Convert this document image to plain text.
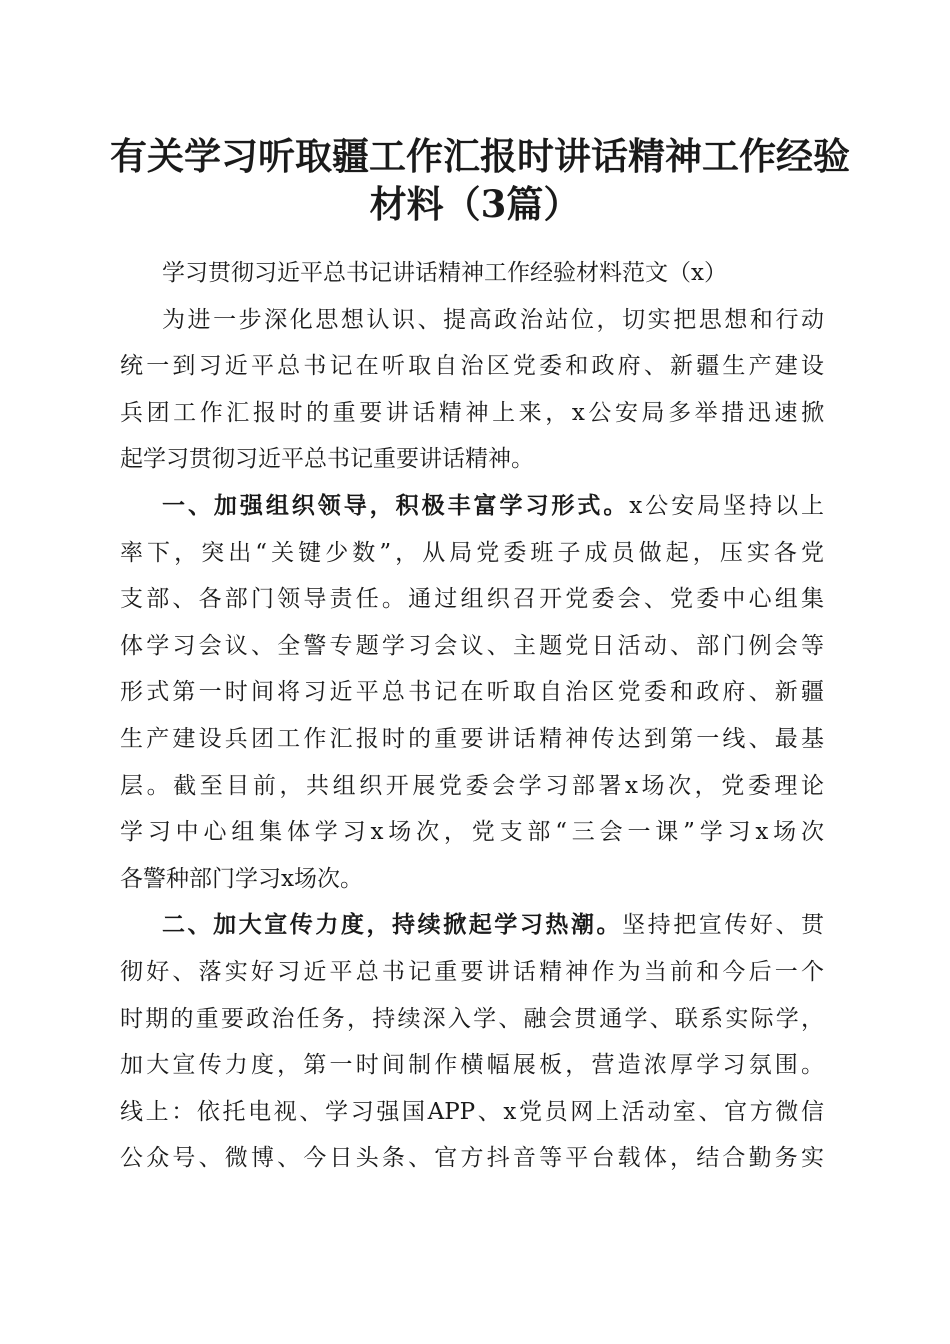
有关学习听取疆工作汇报时讲话精神工作经验
材料（3篇）
学习贯彻习近平总书记讲话精神工作经验材料范文（x）
为进一步深化思想认识、提高政治站位，切实把思想和行动
统一到习近平总书记在听取自治区党委和政府、新疆生产建设
兵团工作汇报时的重要讲话精神上来，x公安局多举措迅速掀
起学习贯彻习近平总书记重要讲话精神。
一、加强组织领导，积极丰富学习形式。x公安局坚持以上
率下，突出“关键少数”，从局党委班子成员做起，压实各党
支部、各部门领导责任。通过组织召开党委会、党委中心组集
体学习会议、全警专题学习会议、主题党日活动、部门例会等
形式第一时间将习近平总书记在听取自治区党委和政府、新疆
生产建设兵团工作汇报时的重要讲话精神传达到第一线、最基
层。截至目前，共组织开展党委会学习部署x场次，党委理论
学习中心组集体学习x场次，党支部“三会一课”学习x场次
各警种部门学习x场次。
二、加大宣传力度，持续掀起学习热潮。坚持把宣传好、贯
彻好、落实好习近平总书记重要讲话精神作为当前和今后一个
时期的重要政治任务，持续深入学、融会贯通学、联系实际学，
加大宣传力度，第一时间制作横幅展板，营造浓厚学习氛围。
线上：依托电视、学习强国APP、x党员网上活动室、官方微信
公众号、微博、今日头条、官方抖音等平台载体，结合勤务实
